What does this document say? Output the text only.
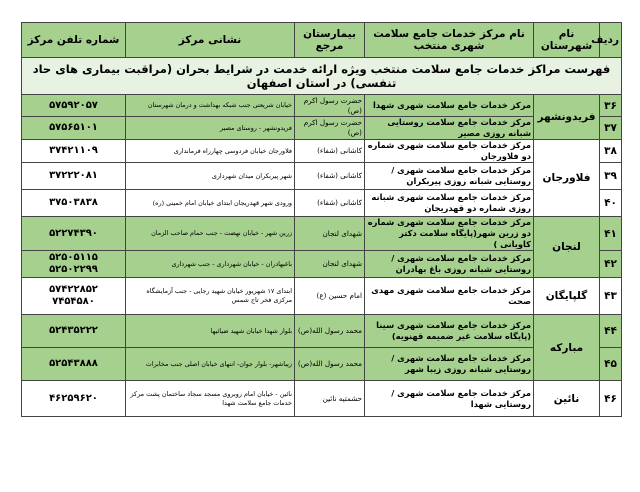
فهرست مراکز خدمات جامع سلامت منتخب ویژه ارائه خدمت در شرایط بحران (مراقبت بیماری های حاد تنفسی) در استان اصفهان					
ردیف	نام شهرستان	نام مرکز خدمات جامع سلامت شهری منتخب	بیمارستان مرجع	نشانی مرکز	شماره تلفن مرکز
۳۶	فریدونشهر	مرکز خدمات جامع سلامت شهری شهدا	حضرت رسول اکرم (ص)	خیابان شریعتی جنب شبکه بهداشت و درمان شهرستان	۵۷۵۹۲۰۵۷
۳۷		مرکز خدمات جامع سلامت روستایی شبانه روزی مصیر	حضرت رسول اکرم (ص)	فریدونشهر - روستای مصیر	۵۷۵۶۵۱۰۱
۳۸	فلاورجان	مرکز خدمات جامع سلامت شهری شماره دو فلاورجان	کاشانی (شفاء)	فلاورجان خیابان فردوسی چهارراه فرمانداری	۳۷۴۲۱۱۰۹
۳۹		مرکز خدمات جامع سلامت شهری / روستایی شبانه روزی پیربکران	کاشانی (شفاء)	شهر پیربکران میدان شهرداری	۳۷۲۲۲۰۸۱
۴۰		مرکز خدمات جامع سلامت شهری شبانه روزی شماره دو قهدریجان	کاشانی (شفاء)	ورودی شهر قهدریجان ابتدای خیابان امام خمینی (ره)	۳۷۵۰۳۸۳۸
۴۱	لنجان	مرکز خدمات جامع سلامت شهری شماره دو زرین شهر(پایگاه سلامت دکتر کاویانی )	شهدای لنجان	زرین شهر - خیابان نهضت - جنب حمام صاحب الزمان	۵۲۲۷۴۳۹۰
۴۲		مرکز خدمات جامع سلامت شهری / روستایی شبانه روزی باغ بهادران	شهدای لنجان	باغبهادران - خیابان شهرداری - جنب شهرداری	۵۲۵۰۵۱۱۵
۵۲۵۰۲۲۹۹
۴۳	گلپایگان	مرکز خدمات جامع سلامت شهری مهدی صحت	امام حسین (ع)	ابتدای ۱۷ شهریور خیابان شهید رجایی - جنب آزمایشگاه مرکزی فخر تاج شمس	۵۷۴۲۲۸۵۲
۷۴۵۴۵۸۰
۴۴	مبارکه	مرکز خدمات جامع سلامت شهری سینا (پایگاه سلامت غیر ضمیمه قهنویه)	محمد رسول الله(ص)	بلوار شهدا خیابان شهید ضیائیها	۵۲۴۳۵۲۲۲
۴۵		مرکز خدمات جامع سلامت شهری / روستایی شبانه روزی زیبا شهر	محمد رسول الله(ص)	زیباشهر- بلوار جوان- انتهای خیابان اصلی جنب مخابرات	۵۲۵۴۳۸۸۸
۴۶	نائین	مرکز خدمات جامع سلامت شهری / روستایی شهدا	حشمتیه نائین	نائین - خیابان امام روبروی مسجد سجاد ساختمان پشت مرکز خدمات جامع سلامت شهدا	۴۶۲۵۹۶۲۰
